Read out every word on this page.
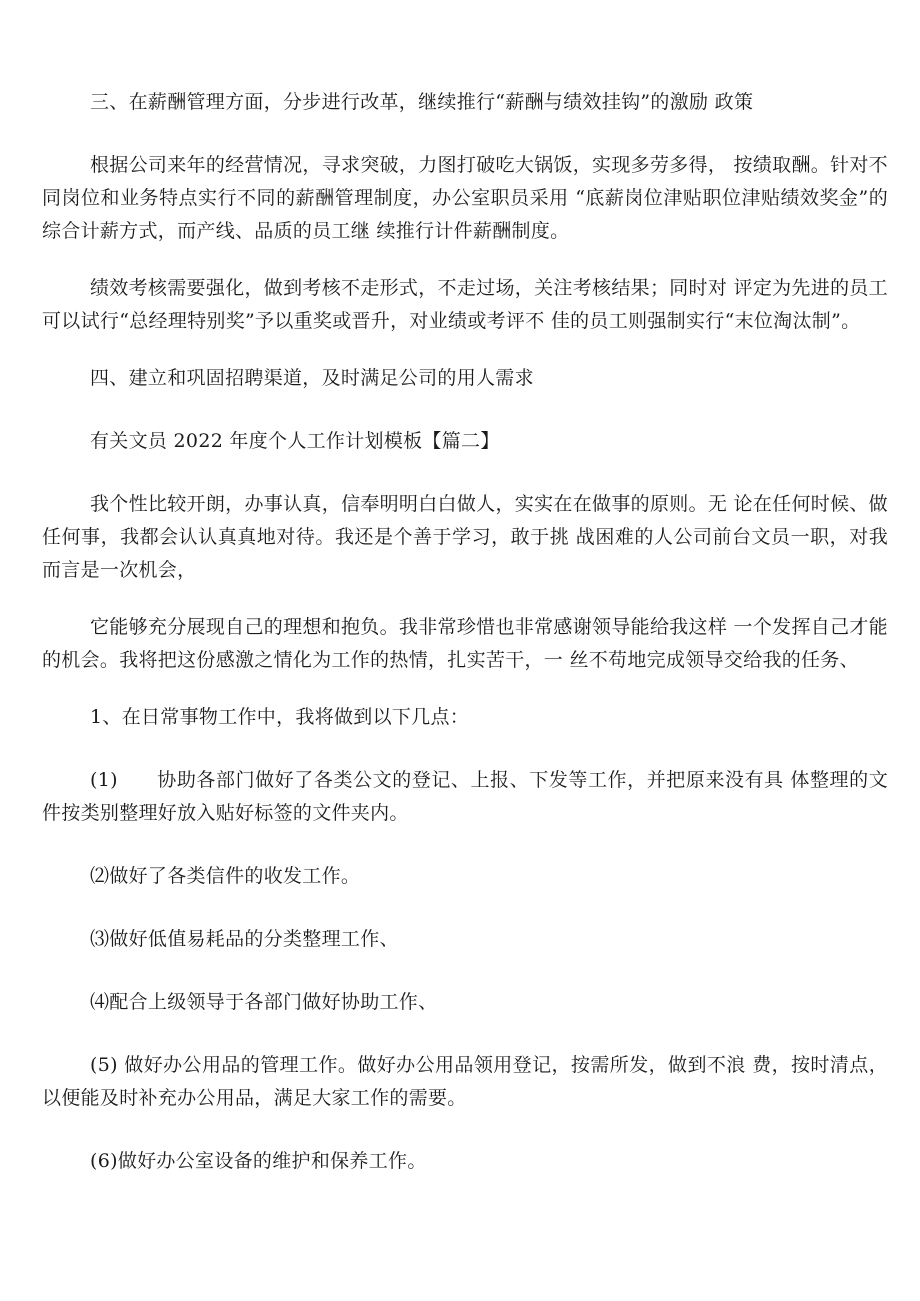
三、在薪酬管理方面，分步进行改革，继续推行“薪酬与绩效挂钩”的激励 政策

根据公司来年的经营情况，寻求突破，力图打破吃大锅饭，实现多劳多得， 按绩取酬。针对不同岗位和业务特点实行不同的薪酬管理制度，办公室职员采用 “底薪岗位津贴职位津贴绩效奖金”的综合计薪方式，而产线、品质的员工继 续推行计件薪酬制度。

绩效考核需要强化，做到考核不走形式，不走过场，关注考核结果；同时对 评定为先进的员工可以试行“总经理特别奖”予以重奖或晋升，对业绩或考评不 佳的员工则强制实行“末位淘汰制”。

四、建立和巩固招聘渠道，及时满足公司的用人需求

有关文员 2022 年度个人工作计划模板【篇二】

我个性比较开朗，办事认真，信奉明明白白做人，实实在在做事的原则。无 论在任何时候、做任何事，我都会认认真真地对待。我还是个善于学习，敢于挑 战困难的人公司前台文员一职，对我而言是一次机会，

它能够充分展现自己的理想和抱负。我非常珍惜也非常感谢领导能给我这样 一个发挥自己才能的机会。我将把这份感激之情化为工作的热情，扎实苦干，一 丝不苟地完成领导交给我的任务、

1、在日常事物工作中，我将做到以下几点：

(1)　　协助各部门做好了各类公文的登记、上报、下发等工作，并把原来没有具 体整理的文件按类别整理好放入贴好标签的文件夹内。

⑵做好了各类信件的收发工作。

⑶做好低值易耗品的分类整理工作、

⑷配合上级领导于各部门做好协助工作、

(5) 做好办公用品的管理工作。做好办公用品领用登记，按需所发，做到不浪 费，按时清点，以便能及时补充办公用品，满足大家工作的需要。

(6)做好办公室设备的维护和保养工作。
